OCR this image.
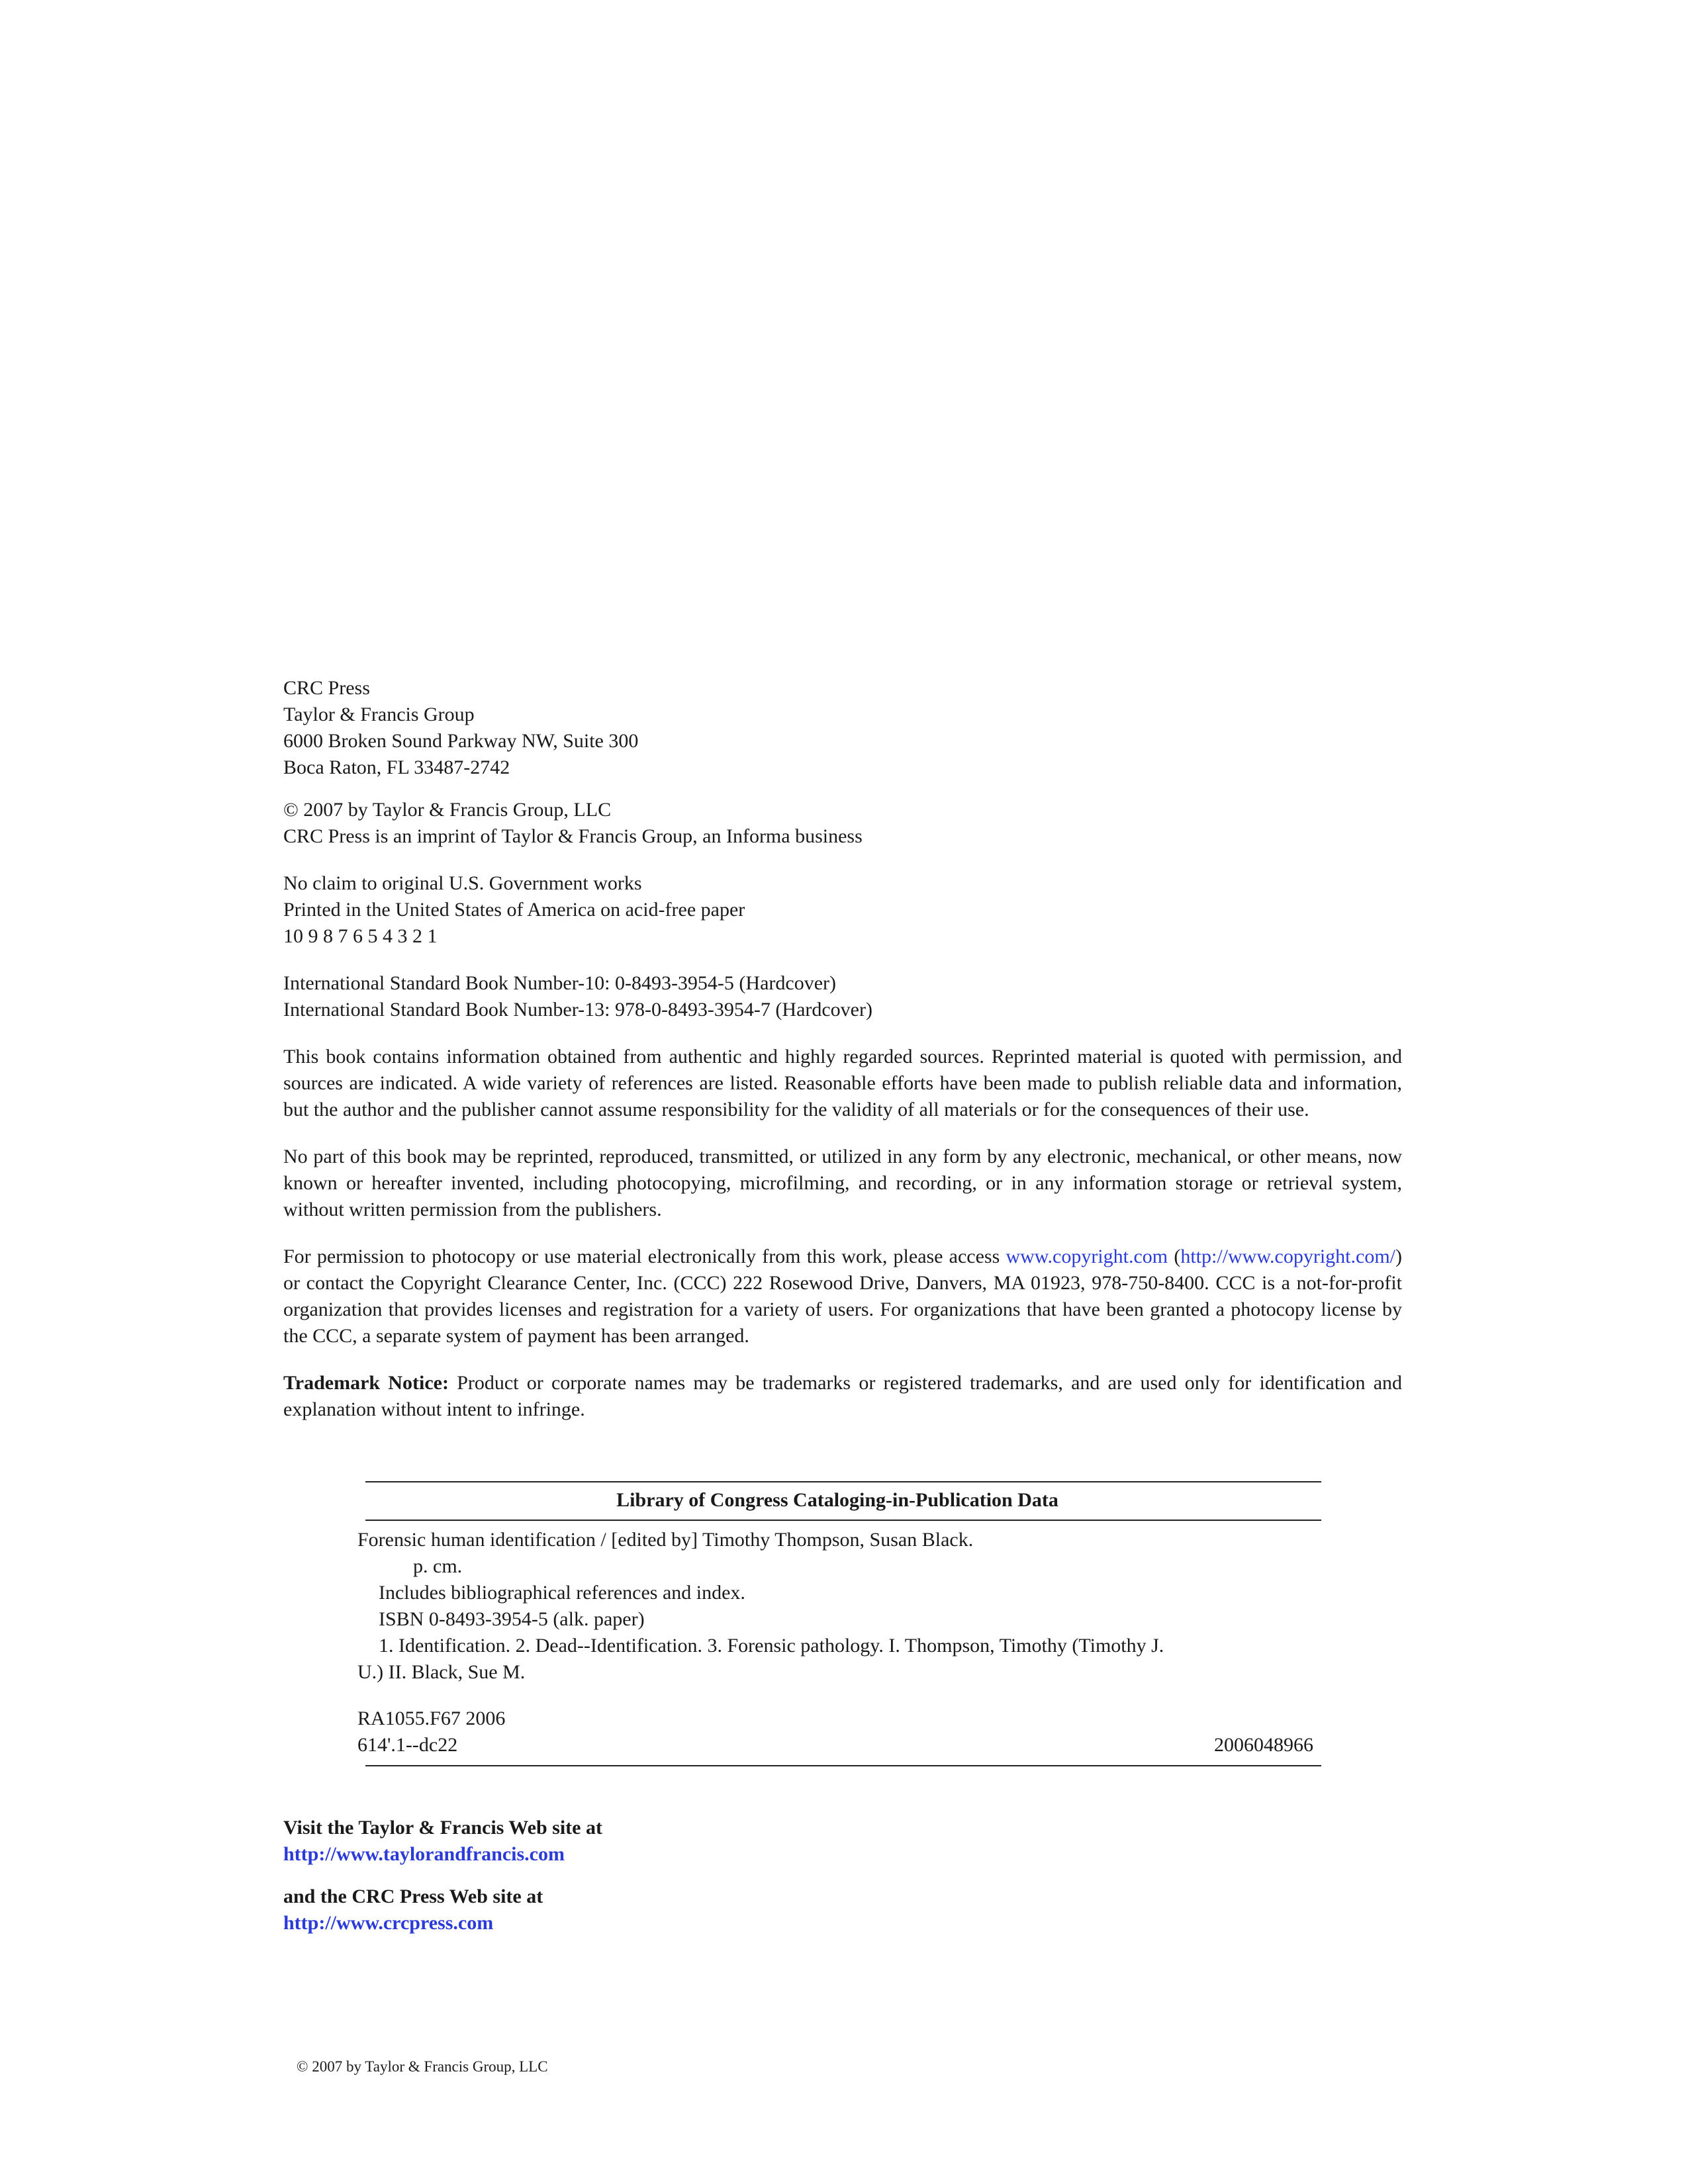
CRC Press
Taylor & Francis Group
6000 Broken Sound Parkway NW, Suite 300
Boca Raton, FL 33487-2742
© 2007 by Taylor & Francis Group, LLC
CRC Press is an imprint of Taylor & Francis Group, an Informa business
No claim to original U.S. Government works
Printed in the United States of America on acid-free paper
10 9 8 7 6 5 4 3 2 1
International Standard Book Number-10: 0-8493-3954-5 (Hardcover)
International Standard Book Number-13: 978-0-8493-3954-7 (Hardcover)

This book contains information obtained from authentic and highly regarded sources. Reprinted material is quoted with permission, and sources are indicated. A wide variety of references are listed. Reasonable efforts have been made to publish reliable data and information, but the author and the publisher cannot assume responsibility for the validity of all materials or for the consequences of their use.

No part of this book may be reprinted, reproduced, transmitted, or utilized in any form by any electronic, mechanical, or other means, now known or hereafter invented, including photocopying, microfilming, and recording, or in any information storage or retrieval system, without written permission from the publishers.

For permission to photocopy or use material electronically from this work, please access www.copyright.com (http://www.copyright.com/) or contact the Copyright Clearance Center, Inc. (CCC) 222 Rosewood Drive, Danvers, MA 01923, 978-750-8400. CCC is a not-for-profit organization that provides licenses and registration for a variety of users. For organizations that have been granted a photocopy license by the CCC, a separate system of payment has been arranged.

Trademark Notice: Product or corporate names may be trademarks or registered trademarks, and are used only for identification and explanation without intent to infringe.

Library of Congress Cataloging-in-Publication Data
Forensic human identification / [edited by] Timothy Thompson, Susan Black.
p. cm.
Includes bibliographical references and index.
ISBN 0-8493-3954-5 (alk. paper)
1. Identification. 2. Dead--Identification. 3. Forensic pathology. I. Thompson, Timothy (Timothy J.
U.) II. Black, Sue M.
RA1055.F67 2006
614'.1--dc22	2006048966
Visit the Taylor & Francis Web site at
http://www.taylorandfrancis.com
and the CRC Press Web site at
http://www.crcpress.com
© 2007 by Taylor & Francis Group, LLC
